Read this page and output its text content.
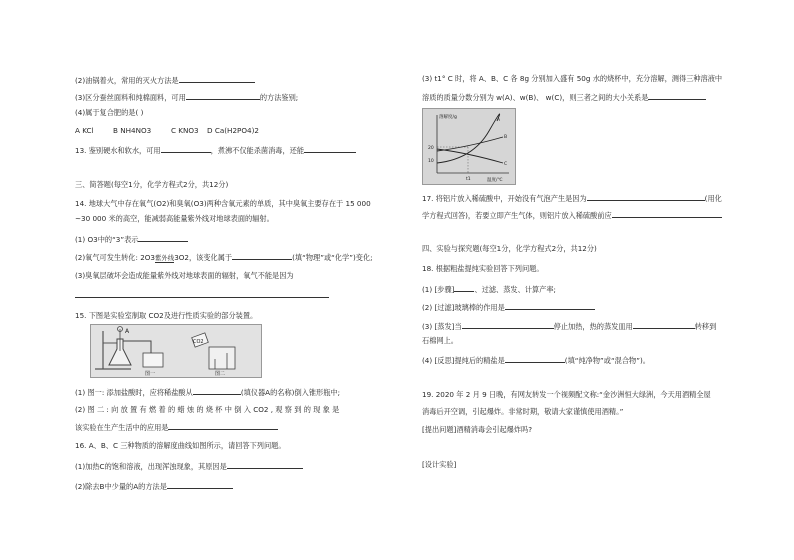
(2)油锅着火，常用的灭火方法是
(3)区分蚕丝面料和纯棉面料，可用	的方法鉴别;
(4)属于复合肥的是( )
A KCl	B NH4NO3	C KNO3 D Ca(H2PO4)2
13. 鉴别硬水和软水，可用	，煮沸不仅能杀菌消毒，还能
三、简答题(每空1分，化学方程式2分，共12分)
14. 地球大气中存在氧气(O2)和臭氧(O3)两种含氧元素的单质，其中臭氧主要存在于 15 000
~30 000 米的高空，能减弱高能量紫外线对地球表面的辐射。
(1) O3中的“3”表示
(2)氧气可发生转化: 2O3紫外线3O2，该变化属于	(填“物理”或“化学”)变化;
(3)臭氧层破坏会造成能量紫外线对地球表面的辐射，氧气不能是因为
15. 下图是实验室制取 CO2及进行性质实验的部分装置。
A
图一
CO2
图二
(1) 图一: 添加盐酸时，应将稀盐酸从	(填仪器A的名称)倒入锥形瓶中;
(2) 图 二 : 向 放 置 有 燃 着 的 蜡 烛 的 烧 杯 中 倒 入 CO2 , 观 察 到 的 现 象 是
该实验在生产生活中的应用是
16. A、B、C 三种物质的溶解度曲线如图所示，请回答下列问题。
(1)加热C的饱和溶液，出现浑浊现象，其原因是
(2)除去B中少量的A的方法是
(3) t1° C 时，将 A、B、C 各 8g 分别加入盛有 50g 水的烧杯中，充分溶解，测得三种溶液中
溶质的质量分数分别为 w(A)、w(B)、 w(C)，则三者之间的大小关系是
溶解度/g
温度/℃
20
10
t1
A
B
C
17. 将铝片放入稀硫酸中，开始没有气泡产生是因为	(用化
学方程式回答)，若要立即产生气体，则铝片放入稀硫酸前应
四、实验与探究题(每空1分，化学方程式2分，共12分)
18. 根据粗盐提纯实验回答下列问题。
(1) [步骤]	、过滤、蒸发、计算产率;
(2) [过滤]玻璃棒的作用是
(3) [蒸发]当	停止加热，热的蒸发皿用	转移到
石棉网上。
(4) [反思]提纯后的精盐是	(填“纯净物”或“混合物”)。
19. 2020 年 2 月 9 日晚，有网友转发一个视频配文称:“金沙洲恒大绿洲，今天用酒精全屋
消毒后开空调，引起爆炸。非常时期，敬请大家谨慎使用酒精。”
[提出问题]酒精消毒会引起爆炸吗?
[设计实验]
